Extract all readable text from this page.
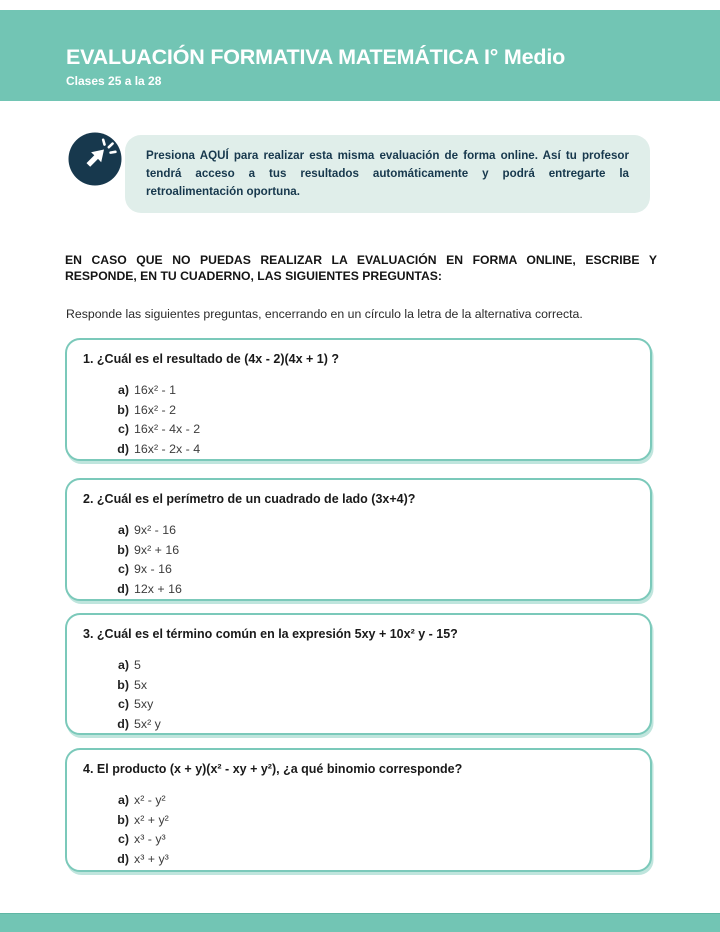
EVALUACIÓN FORMATIVA MATEMÁTICA I° Medio
Clases 25 a la 28
Presiona AQUÍ para realizar esta misma evaluación de forma online. Así tu profesor tendrá acceso a tus resultados automáticamente y podrá entregarte la retroalimentación oportuna.
EN CASO QUE NO PUEDAS REALIZAR LA EVALUACIÓN EN FORMA ONLINE, ESCRIBE Y RESPONDE, EN TU CUADERNO, LAS SIGUIENTES PREGUNTAS:
Responde las siguientes preguntas, encerrando en un círculo la letra de la alternativa correcta.
1. ¿Cuál es el resultado de (4x - 2)(4x + 1) ?
a) 16x² - 1
b) 16x² - 2
c) 16x² - 4x - 2
d) 16x² - 2x - 4
2. ¿Cuál es el perímetro de un cuadrado de lado (3x+4)?
a) 9x² - 16
b) 9x² + 16
c) 9x - 16
d) 12x + 16
3. ¿Cuál es el término común en la expresión 5xy + 10x² y - 15?
a) 5
b) 5x
c) 5xy
d) 5x² y
4. El producto (x + y)(x² - xy + y²), ¿a qué binomio corresponde?
a) x² - y²
b) x² + y²
c) x³ - y³
d) x³ + y³
